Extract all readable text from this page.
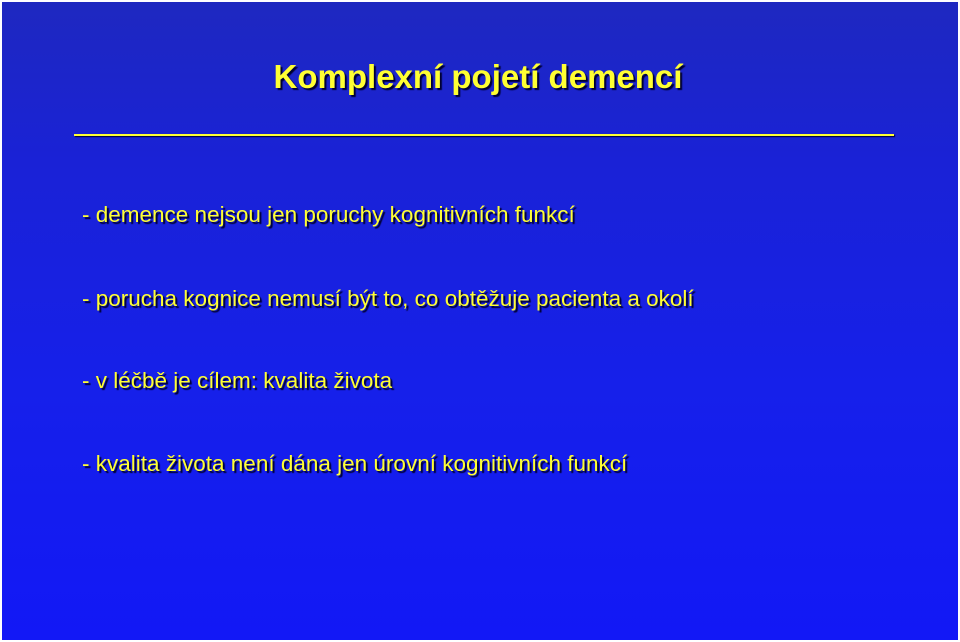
Komplexní pojetí demencí
- demence nejsou jen poruchy kognitivních funkcí
- porucha kognice nemusí být to, co obtěžuje pacienta a okolí
- v léčbě je cílem: kvalita života
- kvalita života není dána jen úrovní kognitivních funkcí
